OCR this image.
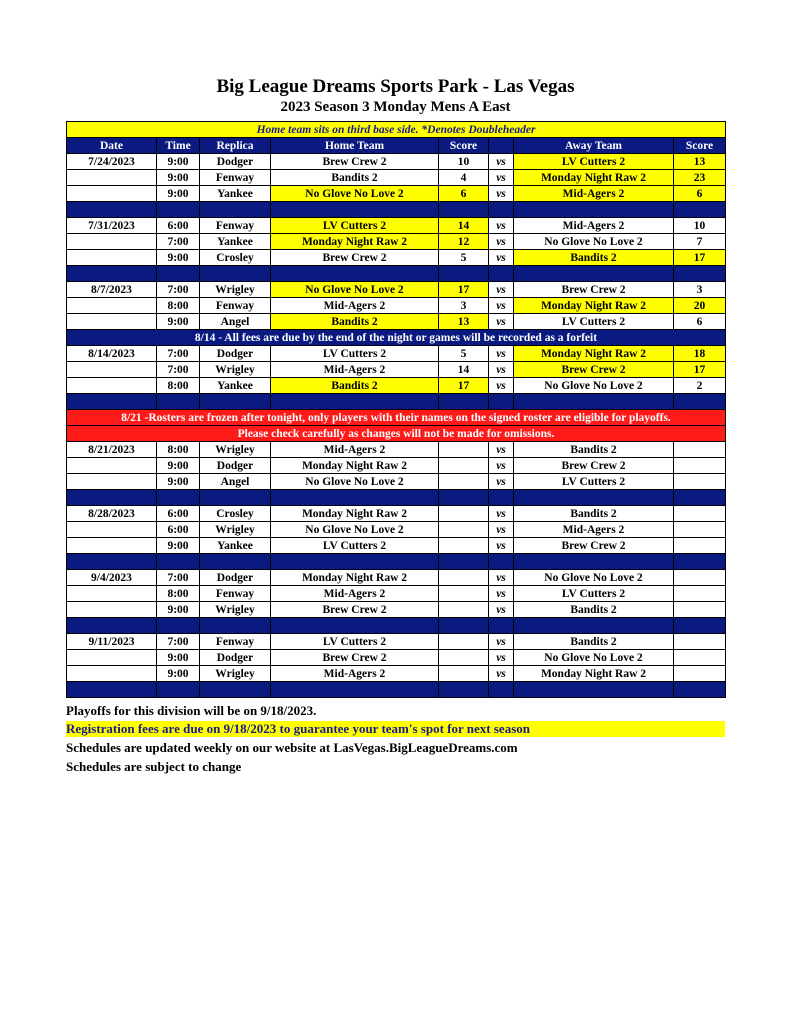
Big League Dreams Sports Park - Las Vegas
2023 Season 3 Monday Mens A East
Home team sits on third base side. *Denotes Doubleheader							
Date	Time	Replica	Home Team	Score		Away Team	Score
7/24/2023	9:00	Dodger	Brew Crew 2	10	vs	LV Cutters 2	13
	9:00	Fenway	Bandits 2	4	vs	Monday Night Raw 2	23
	9:00	Yankee	No Glove No Love 2	6	vs	Mid-Agers 2	6

7/31/2023	6:00	Fenway	LV Cutters 2	14	vs	Mid-Agers 2	10
	7:00	Yankee	Monday Night Raw 2	12	vs	No Glove No Love 2	7
	9:00	Crosley	Brew Crew 2	5	vs	Bandits 2	17

8/7/2023	7:00	Wrigley	No Glove No Love 2	17	vs	Brew Crew 2	3
	8:00	Fenway	Mid-Agers 2	3	vs	Monday Night Raw 2	20
	9:00	Angel	Bandits 2	13	vs	LV Cutters 2	6
8/14 - All fees are due by the end of the night or games will be recorded as a forfeit							
8/14/2023	7:00	Dodger	LV Cutters 2	5	vs	Monday Night Raw 2	18
	7:00	Wrigley	Mid-Agers 2	14	vs	Brew Crew 2	17
	8:00	Yankee	Bandits 2	17	vs	No Glove No Love 2	2

8/21 -Rosters are frozen after tonight, only players with their names on the signed roster are eligible for playoffs.							
Please check carefully as changes will not be made for omissions.							
8/21/2023	8:00	Wrigley	Mid-Agers 2		vs	Bandits 2	
	9:00	Dodger	Monday Night Raw 2		vs	Brew Crew 2	
	9:00	Angel	No Glove No Love 2		vs	LV Cutters 2	

8/28/2023	6:00	Crosley	Monday Night Raw 2		vs	Bandits 2	
	6:00	Wrigley	No Glove No Love 2		vs	Mid-Agers 2	
	9:00	Yankee	LV Cutters 2		vs	Brew Crew 2	

9/4/2023	7:00	Dodger	Monday Night Raw 2		vs	No Glove No Love 2	
	8:00	Fenway	Mid-Agers 2		vs	LV Cutters 2	
	9:00	Wrigley	Brew Crew 2		vs	Bandits 2	

9/11/2023	7:00	Fenway	LV Cutters 2		vs	Bandits 2	
	9:00	Dodger	Brew Crew 2		vs	No Glove No Love 2	
	9:00	Wrigley	Mid-Agers 2		vs	Monday Night Raw 2	

Playoffs for this division will be on 9/18/2023.
Registration fees are due on 9/18/2023 to guarantee your team's spot for next season
Schedules are updated weekly on our website at LasVegas.BigLeagueDreams.com
Schedules are subject to change
